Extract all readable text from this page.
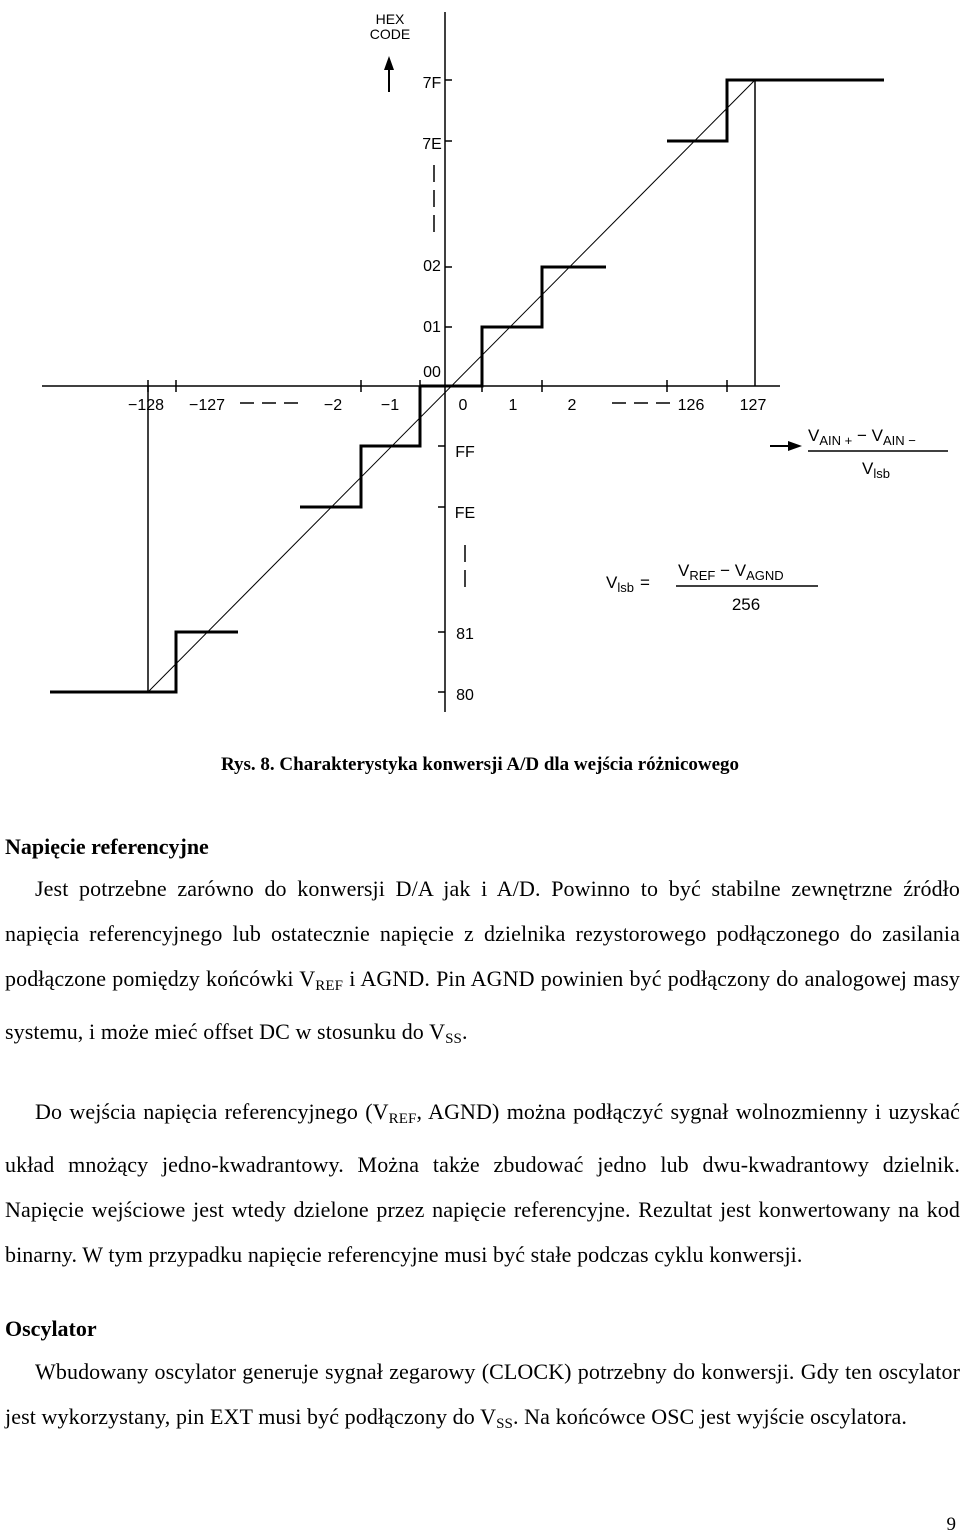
HEX
CODE
−128 −127	−2 −1	0	1	2	126 127
7F
7E
02
01
00
FF
FE
81
80
$V_{AIN +} - V_{AIN -}$
$V_{lsb}$
$V_{lsb}$ =
$V_{REF} - V_{AGND}$
256
Rys. 8. Charakterystyka konwersji A/D dla wejścia różnicowego
Napięcie referencyjne
Jest potrzebne zarówno do konwersji D/A jak i A/D. Powinno to być stabilne zewnętrzne źródło napięcia referencyjnego lub ostatecznie napięcie z dzielnika rezystorowego podłączonego do zasilania podłączone pomiędzy końcówki $V_{REF}$ i AGND. Pin AGND powinien być podłączony do analogowej masy systemu, i może mieć offset DC w stosunku do $V_{SS}$.
Do wejścia napięcia referencyjnego ($V_{REF}$, AGND) można podłączyć sygnał wolnozmienny i uzyskać układ mnożący jedno-kwadrantowy. Można także zbudować jedno lub dwu-kwadrantowy dzielnik. Napięcie wejściowe jest wtedy dzielone przez napięcie referencyjne. Rezultat jest konwertowany na kod binarny. W tym przypadku napięcie referencyjne musi być stałe podczas cyklu konwersji.
Oscylator
Wbudowany oscylator generuje sygnał zegarowy (CLOCK) potrzebny do konwersji. Gdy ten oscylator jest wykorzystany, pin EXT musi być podłączony do $V_{SS}$. Na końcówce OSC jest wyjście oscylatora.
9
